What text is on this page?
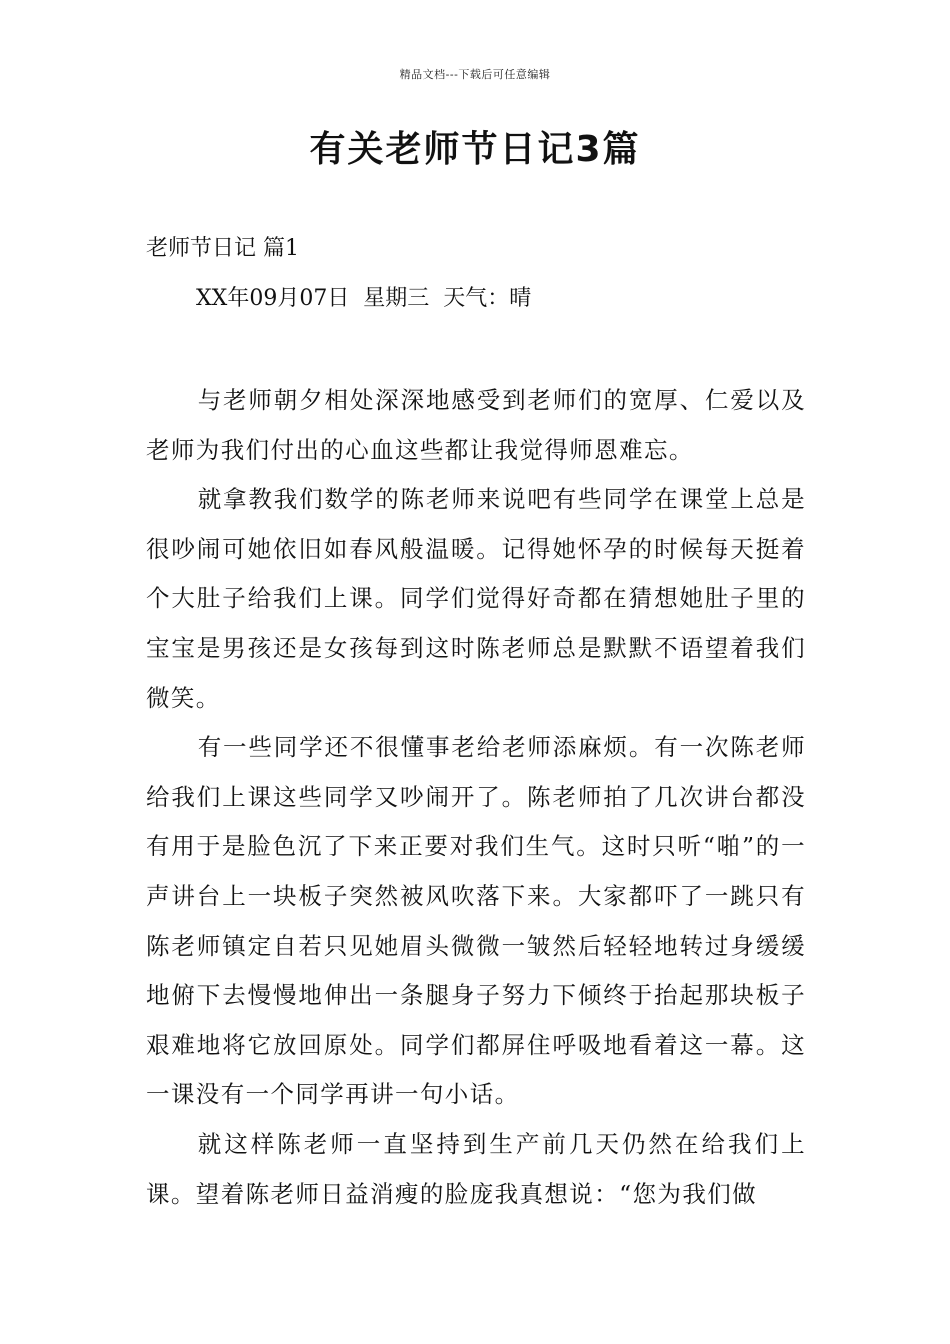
精品文档---下载后可任意编辑
有关老师节日记3篇
老师节日记 篇1
XX年09月07日  星期三  天气：晴

与老师朝夕相处深深地感受到老师们的宽厚、仁爱以及老师为我们付出的心血这些都让我觉得师恩难忘。

就拿教我们数学的陈老师来说吧有些同学在课堂上总是很吵闹可她依旧如春风般温暖。记得她怀孕的时候每天挺着个大肚子给我们上课。同学们觉得好奇都在猜想她肚子里的宝宝是男孩还是女孩每到这时陈老师总是默默不语望着我们微笑。

有一些同学还不很懂事老给老师添麻烦。有一次陈老师给我们上课这些同学又吵闹开了。陈老师拍了几次讲台都没有用于是脸色沉了下来正要对我们生气。这时只听“啪”的一声讲台上一块板子突然被风吹落下来。大家都吓了一跳只有陈老师镇定自若只见她眉头微微一皱然后轻轻地转过身缓缓地俯下去慢慢地伸出一条腿身子努力下倾终于抬起那块板子艰难地将它放回原处。同学们都屏住呼吸地看着这一幕。这一课没有一个同学再讲一句小话。

就这样陈老师一直坚持到生产前几天仍然在给我们上课。望着陈老师日益消瘦的脸庞我真想说：“您为我们做
